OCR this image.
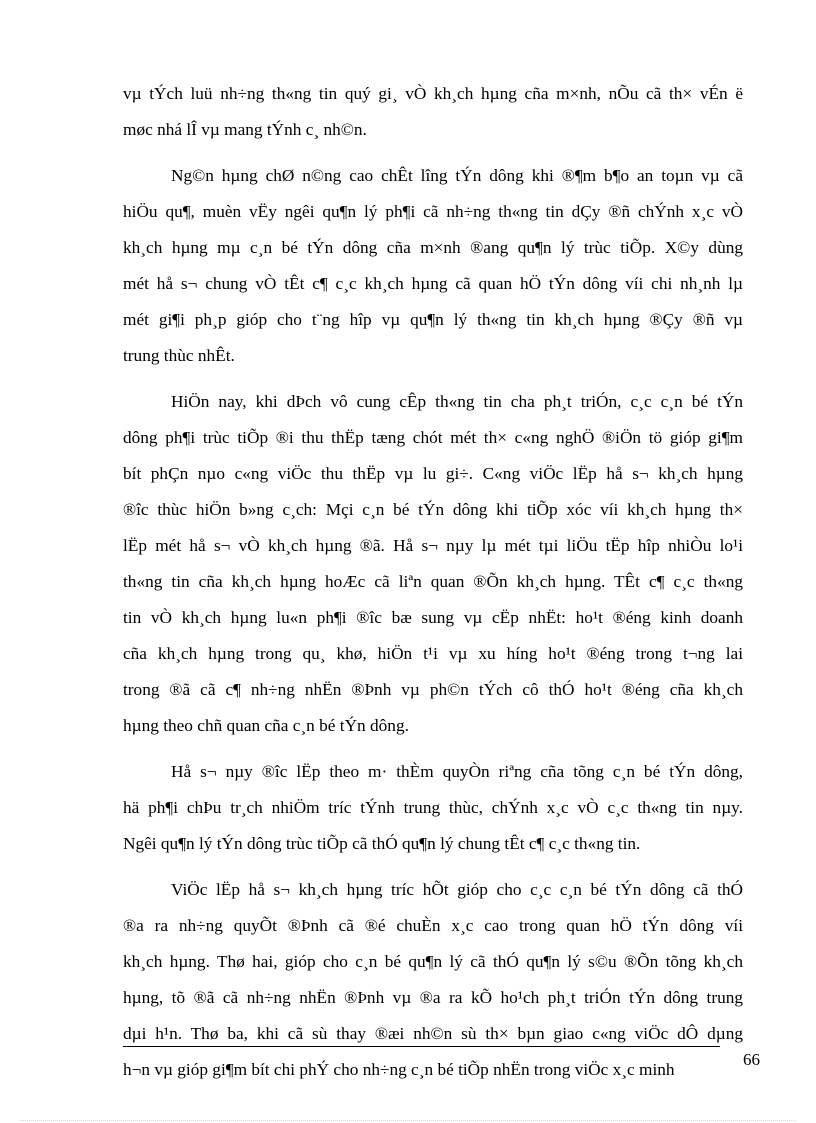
vµ tÝch luü nh÷ng th«ng tin quý gi¸ vÒ kh¸ch hµng cña m×nh, nÕu cã th× vÉn ë
møc nhá lÎ vµ mang tÝnh c¸ nh©n.

Ng©n hµng chØ n©ng cao chÊt lîng tÝn dông khi ®¶m b¶o an toµn vµ cã
hiÖu qu¶, muèn vËy ngêi qu¶n lý ph¶i cã nh÷ng th«ng tin dÇy ®ñ chÝnh x¸c vÒ
kh¸ch hµng mµ c¸n bé tÝn dông cña m×nh ®ang qu¶n lý trùc tiÕp. X©y dùng
mét hå s¬ chung vÒ tÊt c¶ c¸c kh¸ch hµng cã quan hÖ tÝn dông víi chi nh¸nh lµ
mét gi¶i ph¸p gióp cho t¨ng hîp vµ qu¶n lý th«ng tin kh¸ch hµng ®Çy ®ñ vµ
trung thùc nhÊt.

HiÖn nay, khi dÞch vô cung cÊp th«ng tin cha ph¸t triÓn, c¸c c¸n bé tÝn
dông ph¶i trùc tiÕp ®i thu thËp tæng chót mét th× c«ng nghÖ ®iÖn tö gióp gi¶m
bít phÇn nµo c«ng viÖc thu thËp vµ lu gi÷. C«ng viÖc lËp hå s¬ kh¸ch hµng
®îc thùc hiÖn b»ng c¸ch: Mçi c¸n bé tÝn dông khi tiÕp xóc víi kh¸ch hµng th×
lËp mét hå s¬ vÒ kh¸ch hµng ®ã. Hå s¬ nµy lµ mét tµi liÖu tËp hîp nhiÒu lo¹i
th«ng tin cña kh¸ch hµng hoÆc cã liªn quan ®Õn kh¸ch hµng. TÊt c¶ c¸c th«ng
tin vÒ kh¸ch hµng lu«n ph¶i ®îc bæ sung vµ cËp nhËt: ho¹t ®éng kinh doanh
cña kh¸ch hµng trong qu¸ khø, hiÖn t¹i vµ xu híng ho¹t ®éng trong t¬ng lai
trong ®ã cã c¶ nh÷ng nhËn ®Þnh vµ ph©n tÝch cô thÓ ho¹t ®éng cña kh¸ch
hµng theo chñ quan cña c¸n bé tÝn dông.

Hå s¬ nµy ®îc lËp theo m· thÈm quyÒn riªng cña tõng c¸n bé tÝn dông,
hä ph¶i chÞu tr¸ch nhiÖm tríc tÝnh trung thùc, chÝnh x¸c vÒ c¸c th«ng tin nµy.
Ngêi qu¶n lý tÝn dông trùc tiÕp cã thÓ qu¶n lý chung tÊt c¶ c¸c th«ng tin.

ViÖc lËp hå s¬ kh¸ch hµng tríc hÕt gióp cho c¸c c¸n bé tÝn dông cã thÓ
®a ra nh÷ng quyÕt ®Þnh cã ®é chuÈn x¸c cao trong quan hÖ tÝn dông víi
kh¸ch hµng. Thø hai, gióp cho c¸n bé qu¶n lý cã thÓ qu¶n lý s©u ®Õn tõng kh¸ch
hµng, tõ ®ã cã nh÷ng nhËn ®Þnh vµ ®a ra kÕ ho¹ch ph¸t triÓn tÝn dông trung
dµi h¹n. Thø ba, khi cã sù thay ®æi nh©n sù th× bµn giao c«ng viÖc dÔ dµng
h¬n vµ gióp gi¶m bít chi phÝ cho nh÷ng c¸n bé tiÕp nhËn trong viÖc x¸c minh

66
